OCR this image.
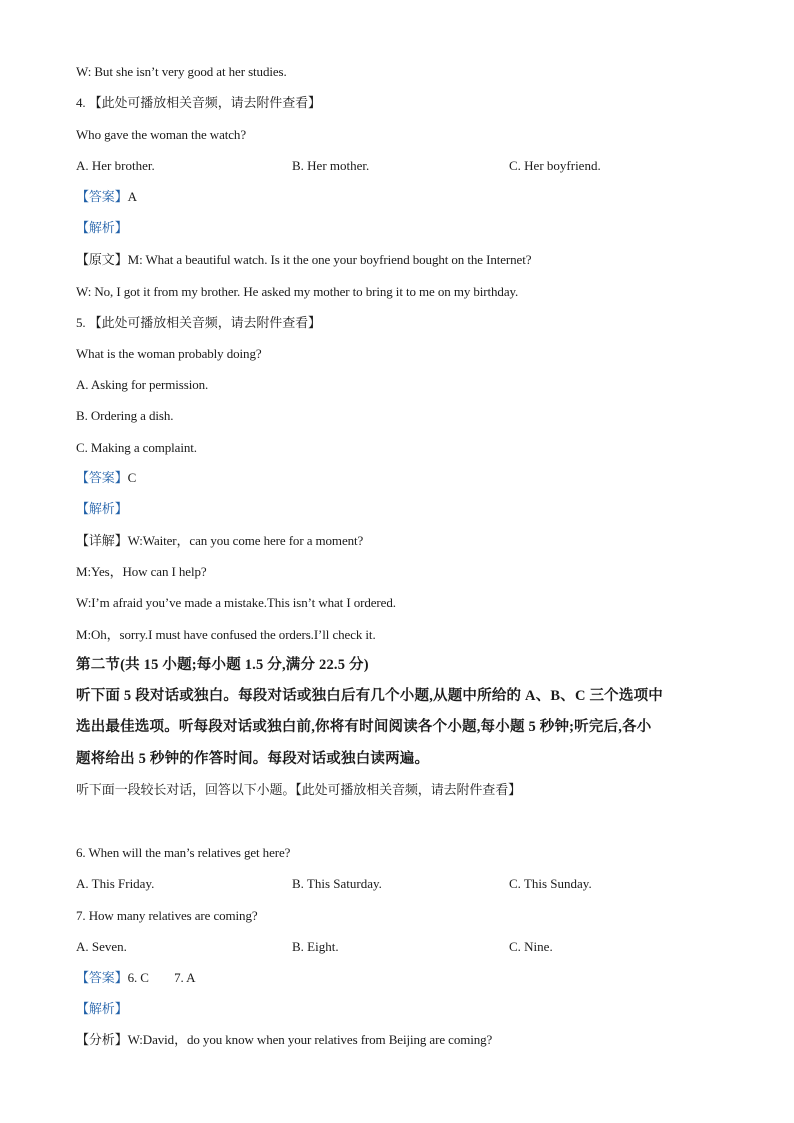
W: But she isn’t very good at her studies.
4. 【此处可播放相关音频，请去附件查看】
Who gave the woman the watch?
A. Her brother.	B. Her mother.	C. Her boyfriend.
【答案】A
【解析】
【原文】M: What a beautiful watch. Is it the one your boyfriend bought on the Internet?
W: No, I got it from my brother. He asked my mother to bring it to me on my birthday.
5. 【此处可播放相关音频，请去附件查看】
What is the woman probably doing?
A. Asking for permission.
B. Ordering a dish.
C. Making a complaint.
【答案】C
【解析】
【详解】W:Waiter，can you come here for a moment?
M:Yes，How can I help?
W:I’m afraid you’ve made a mistake.This isn’t what I ordered.
M:Oh，sorry.I must have confused the orders.I’ll check it.
第二节(共 15 小题;每小题 1.5 分,满分 22.5 分)
听下面 5 段对话或独白。每段对话或独白后有几个小题,从题中所给的 A、B、C 三个选项中
选出最佳选项。听每段对话或独白前,你将有时间阅读各个小题,每小题 5 秒钟;听完后,各小
题将给出 5 秒钟的作答时间。每段对话或独白读两遍。
听下面一段较长对话，回答以下小题。【此处可播放相关音频，请去附件查看】
6. When will the man’s relatives get here?
A. This Friday.	B. This Saturday.	C. This Sunday.
7. How many relatives are coming?
A. Seven.	B. Eight.	C. Nine.
【答案】6. C        7. A
【解析】
【分析】W:David，do you know when your relatives from Beijing are coming?
